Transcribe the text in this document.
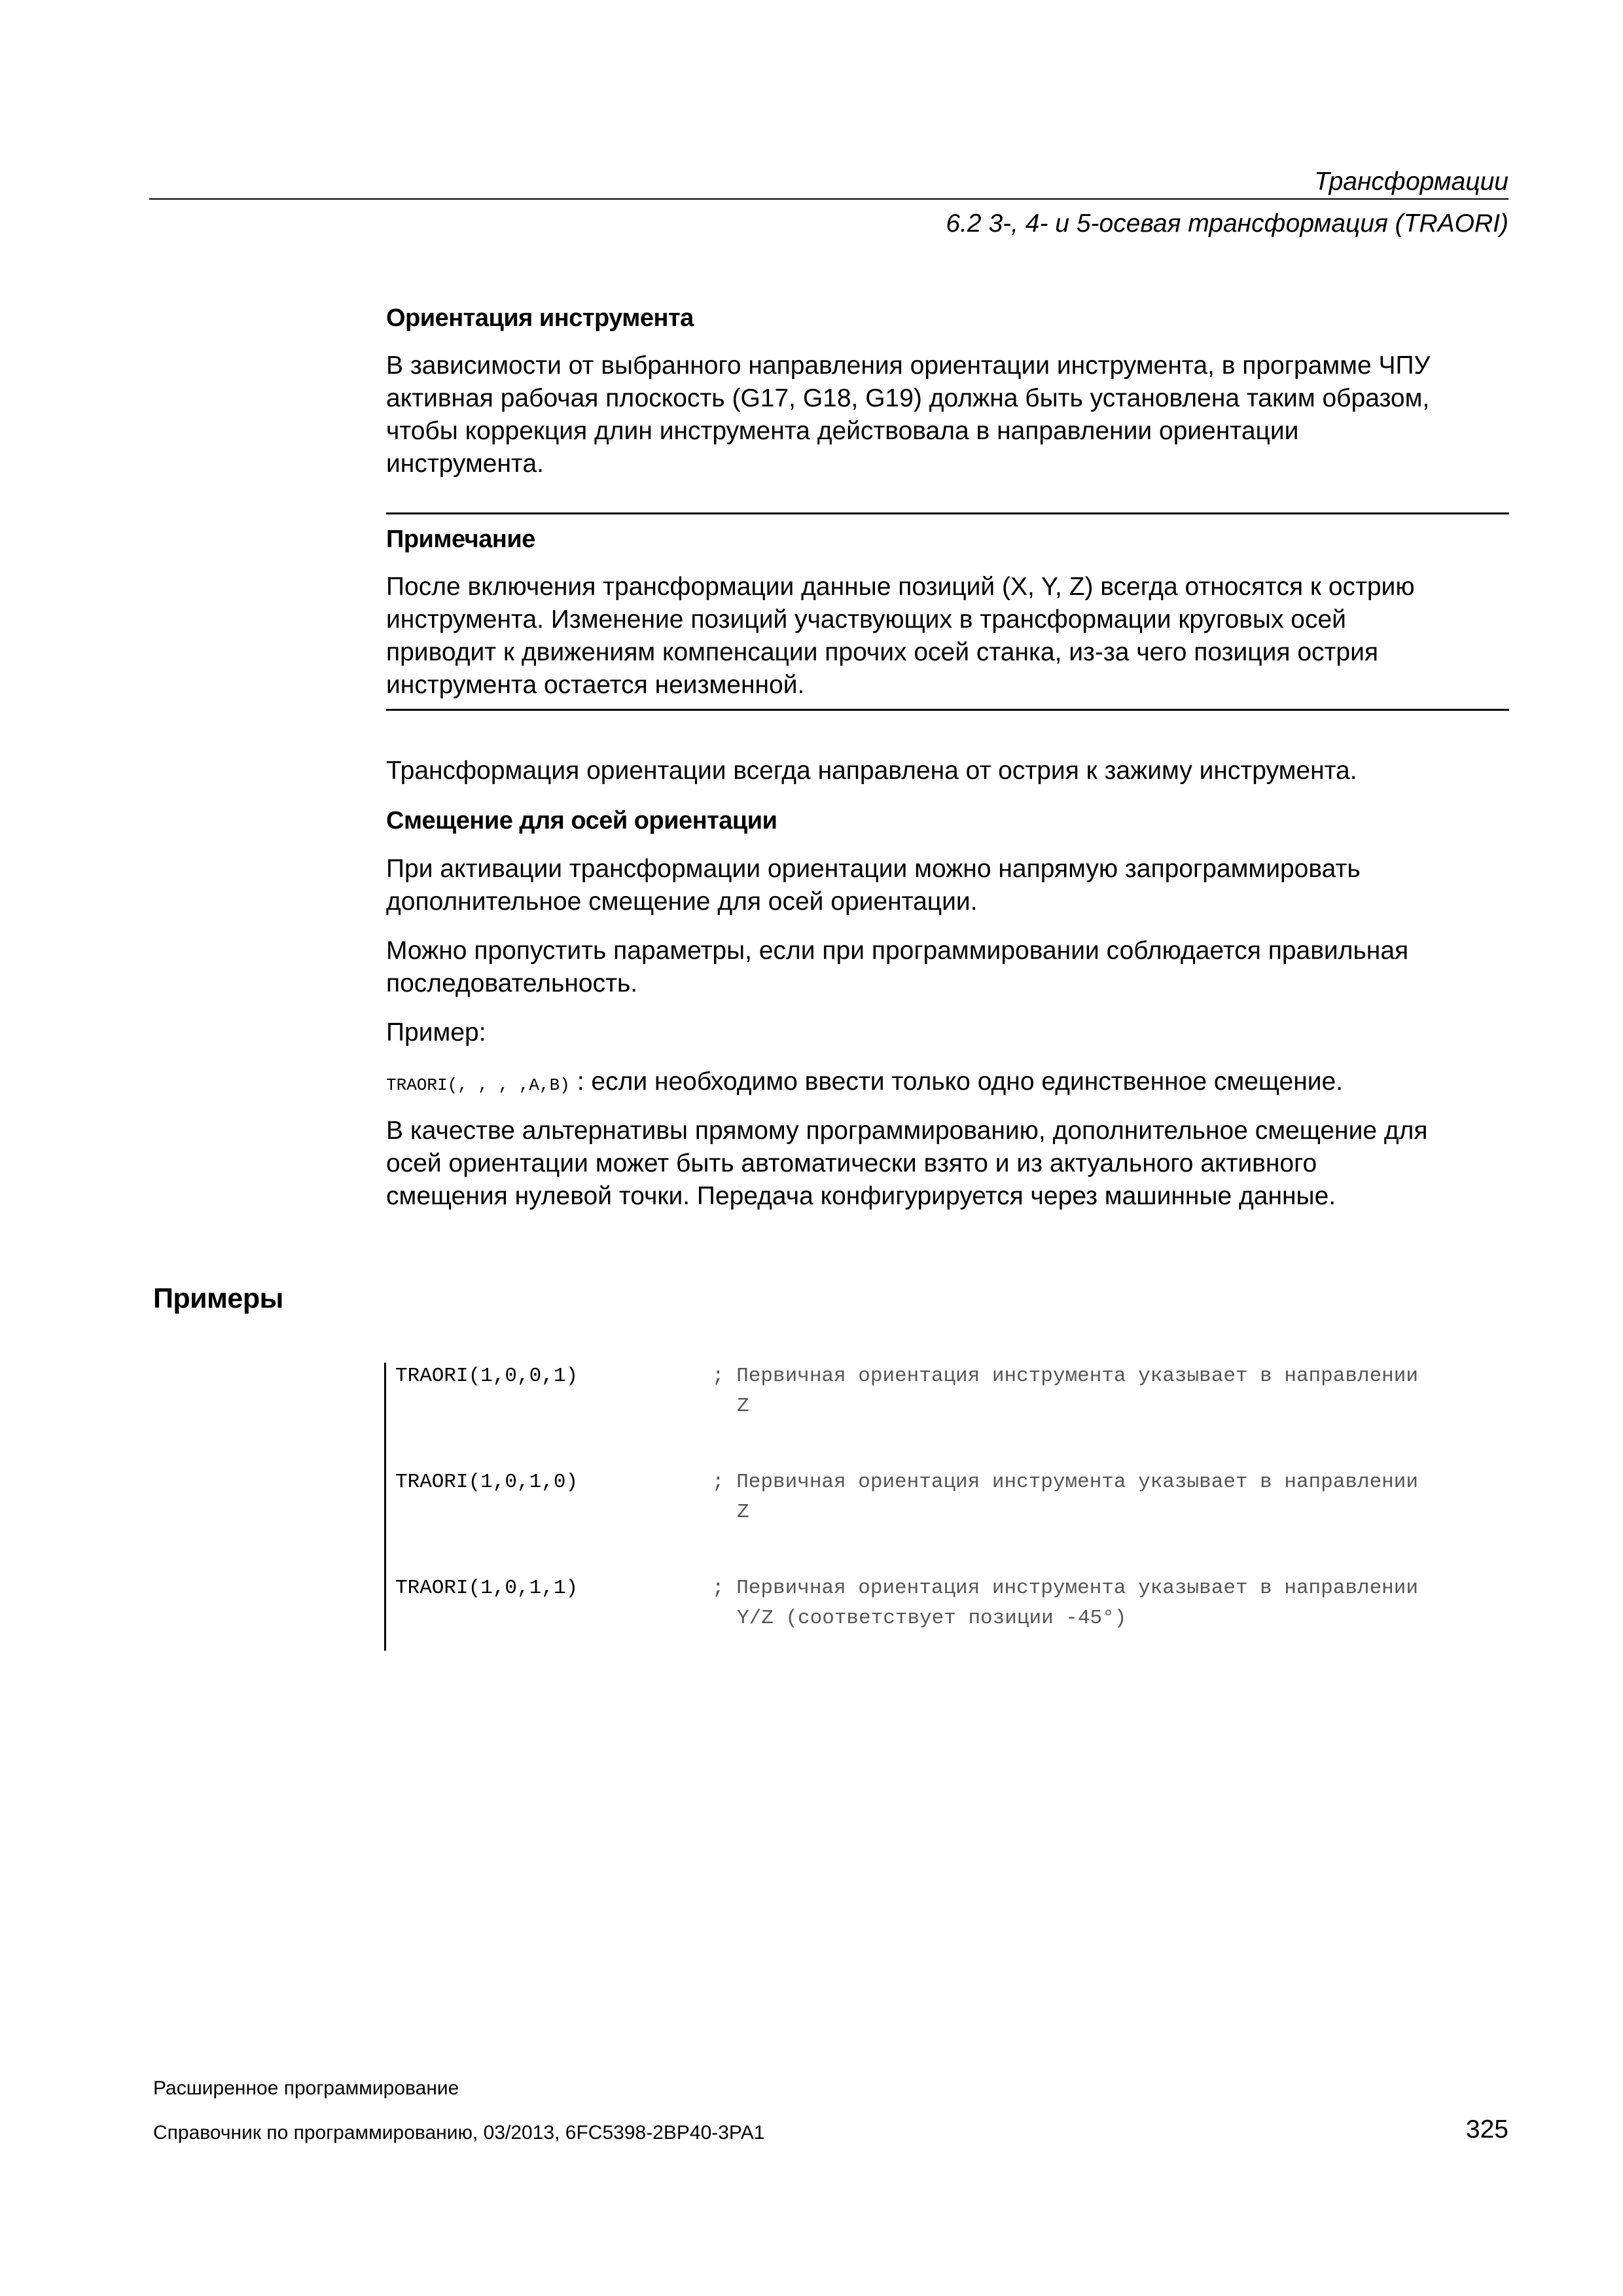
Трансформации
6.2 3-, 4- и 5-осевая трансформация (TRAORI)
Ориентация инструмента
В зависимости от выбранного направления ориентации инструмента, в программе ЧПУ
активная рабочая плоскость (G17, G18, G19) должна быть установлена таким образом,
чтобы коррекция длин инструмента действовала в направлении ориентации
инструмента.
Примечание
После включения трансформации данные позиций (X, Y, Z) всегда относятся к острию
инструмента. Изменение позиций участвующих в трансформации круговых осей
приводит к движениям компенсации прочих осей станка, из-за чего позиция острия
инструмента остается неизменной.
Трансформация ориентации всегда направлена от острия к зажиму инструмента.
Смещение для осей ориентации
При активации трансформации ориентации можно напрямую запрограммировать
дополнительное смещение для осей ориентации.
Можно пропустить параметры, если при программировании соблюдается правильная
последовательность.
Пример:
TRAORI(, , , ,A,B) : если необходимо ввести только одно единственное смещение.
В качестве альтернативы прямому программированию, дополнительное смещение для
осей ориентации может быть автоматически взято и из актуального активного
смещения нулевой точки. Передача конфигурируется через машинные данные.
Примеры
TRAORI(1,0,0,1)	; Первичная ориентация инструмента указывает в направлении
Z
TRAORI(1,0,1,0)	; Первичная ориентация инструмента указывает в направлении
Z
TRAORI(1,0,1,1)	; Первичная ориентация инструмента указывает в направлении
Y/Z (соответствует позиции -45°)
Расширенное программирование
Справочник по программированию, 03/2013, 6FC5398-2BP40-3PA1	325
